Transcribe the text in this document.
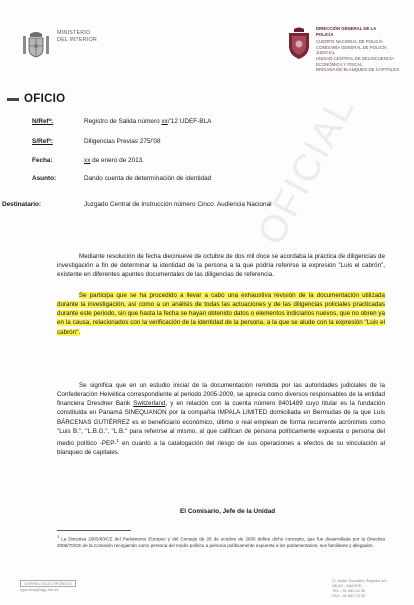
MINISTERIO
DEL INTERIOR
DIRECCIÓN GENERAL DE LA
POLICÍA
CUERPO NACIONAL DE POLICÍA
COMISARÍA GENERAL DE POLICÍA
JUDICIAL
UNIDAD CENTRAL DE DELINCUENCIA
ECONÓMICA Y FISCAL
BRIGADA DE BLANQUEO DE CAPITALES
OFICIO
N/Refª:	Registro de Salida número xx/'12 UDEF-BLA
S/Refª:	Diligencias Previas 275/'08
Fecha:	xx de enero de 2013.
Asunto:	Dando cuenta de determinación de identidad
Destinatario:	Juzgado Central de Instrucción número Cinco. Audiencia Nacional
OFICIAL

Mediante resolución de fecha diecinueve de octubre de dos mil doce se acordaba la práctica de diligencias de investigación a fin de determinar la identidad de la persona a la que podría referirse la expresión "Luis el cabrón", existente en diferentes apuntes documentales de las diligencias de referencia.

Se participa que se ha procedido a llevar a cabo una exhaustiva revisión de la documentación utilizada durante la investigación, así como a un análisis de todas las actuaciones y de las diligencias policiales practicadas durante este periodo, sin que hasta la fecha se hayan obtenido datos o elementos indiciarios nuevos, que no obren ya en la causa, relacionados con la verificación de la identidad de la persona, a la que se alude con la expresión "Luis el cabrón".

Se significa que en un estudio inicial de la documentación remitida por las autoridades judiciales de la Confederación Helvética correspondiente al periodo 2005-2009, se aprecia como diversos responsables de la entidad financiera Dresdner Bank Switzerland, y en relación con la cuenta número 8401489 cuyo titular es la fundación constituida en Panamá SINEQUANON por la compañía IMPALA LIMITED domiciliada en Bermudas de la que Luis BÁRCENAS GUTIÉRREZ es el beneficiario económico, último o real emplean de forma recurrente acrónimos como "Luis B.", "L.B.G.", "L.B." para referirse al mismo, al que califican de persona políticamente expuesta o persona del medio político -PEP-$^1$ en cuanto a la catalogación del riesgo de sus operaciones a efectos de su vinculación al blanqueo de capitales.

El Comisario, Jefe de la Unidad

$^1$ La Directiva 2005/60/CE del Parlamento Europeo y del Consejo de 26 de octubre de 2005 define dicho concepto, que fue desarrollada por la Directiva 2006/70/CE de la Comisión recogiendo como persona del medio político a persona políticamente expuesta a los parlamentarios, sus familiares y allegados.

CORREO ELECTRÓNICO
ugsl.blnq@dgp.mir.es
C/ Julián González Segador s/n
28043 - MADRID
TEL.: 91 582 24 36
FAX.: 91 582 23 30
